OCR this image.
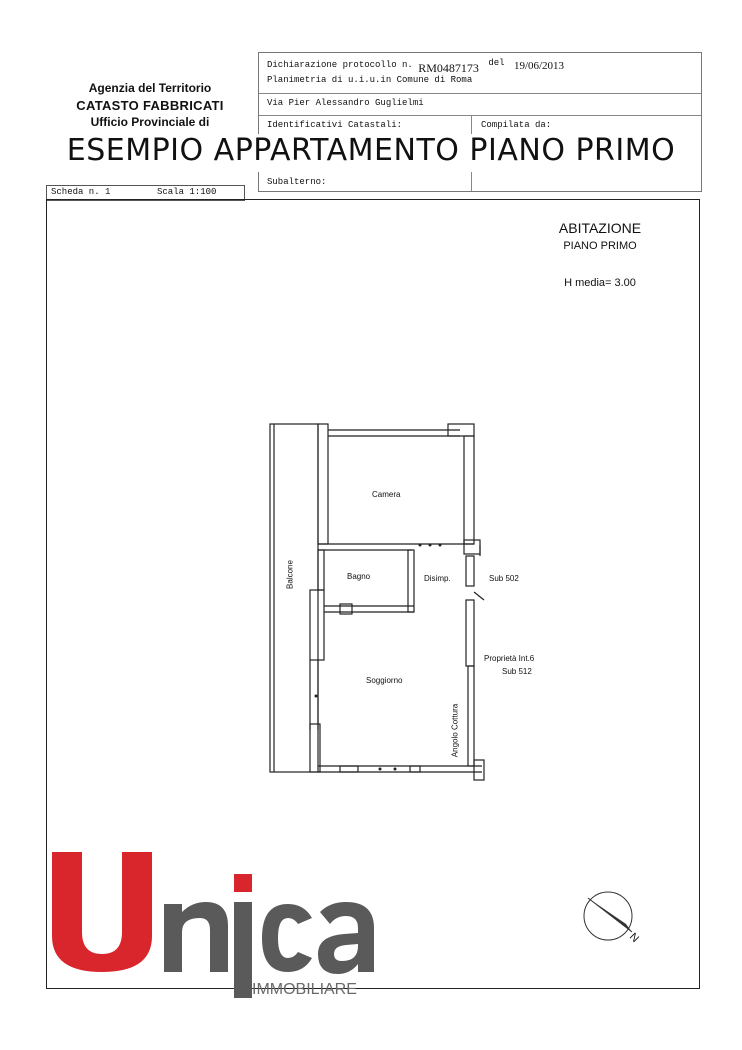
Agenzia del Territorio
CATASTO FABBRICATI
Ufficio Provinciale di
Dichiarazione protocollo n. RM0487173 del 19/06/2013
Planimetria di u.i.u.in Comune di Roma
Via Pier Alessandro Guglielmi
Identificativi Catastali:	Compilata da:
Subalterno:
ESEMPIO APPARTAMENTO PIANO PRIMO
Scheda n. 1	Scala 1:100
ABITAZIONE
PIANO PRIMO
H media= 3.00
Camera
Bagno	Disimp.	Sub 502
Balcone
Soggiorno
Angolo Cottura
Proprietà Int.6
Sub 512
N
IMMOBILIARE
